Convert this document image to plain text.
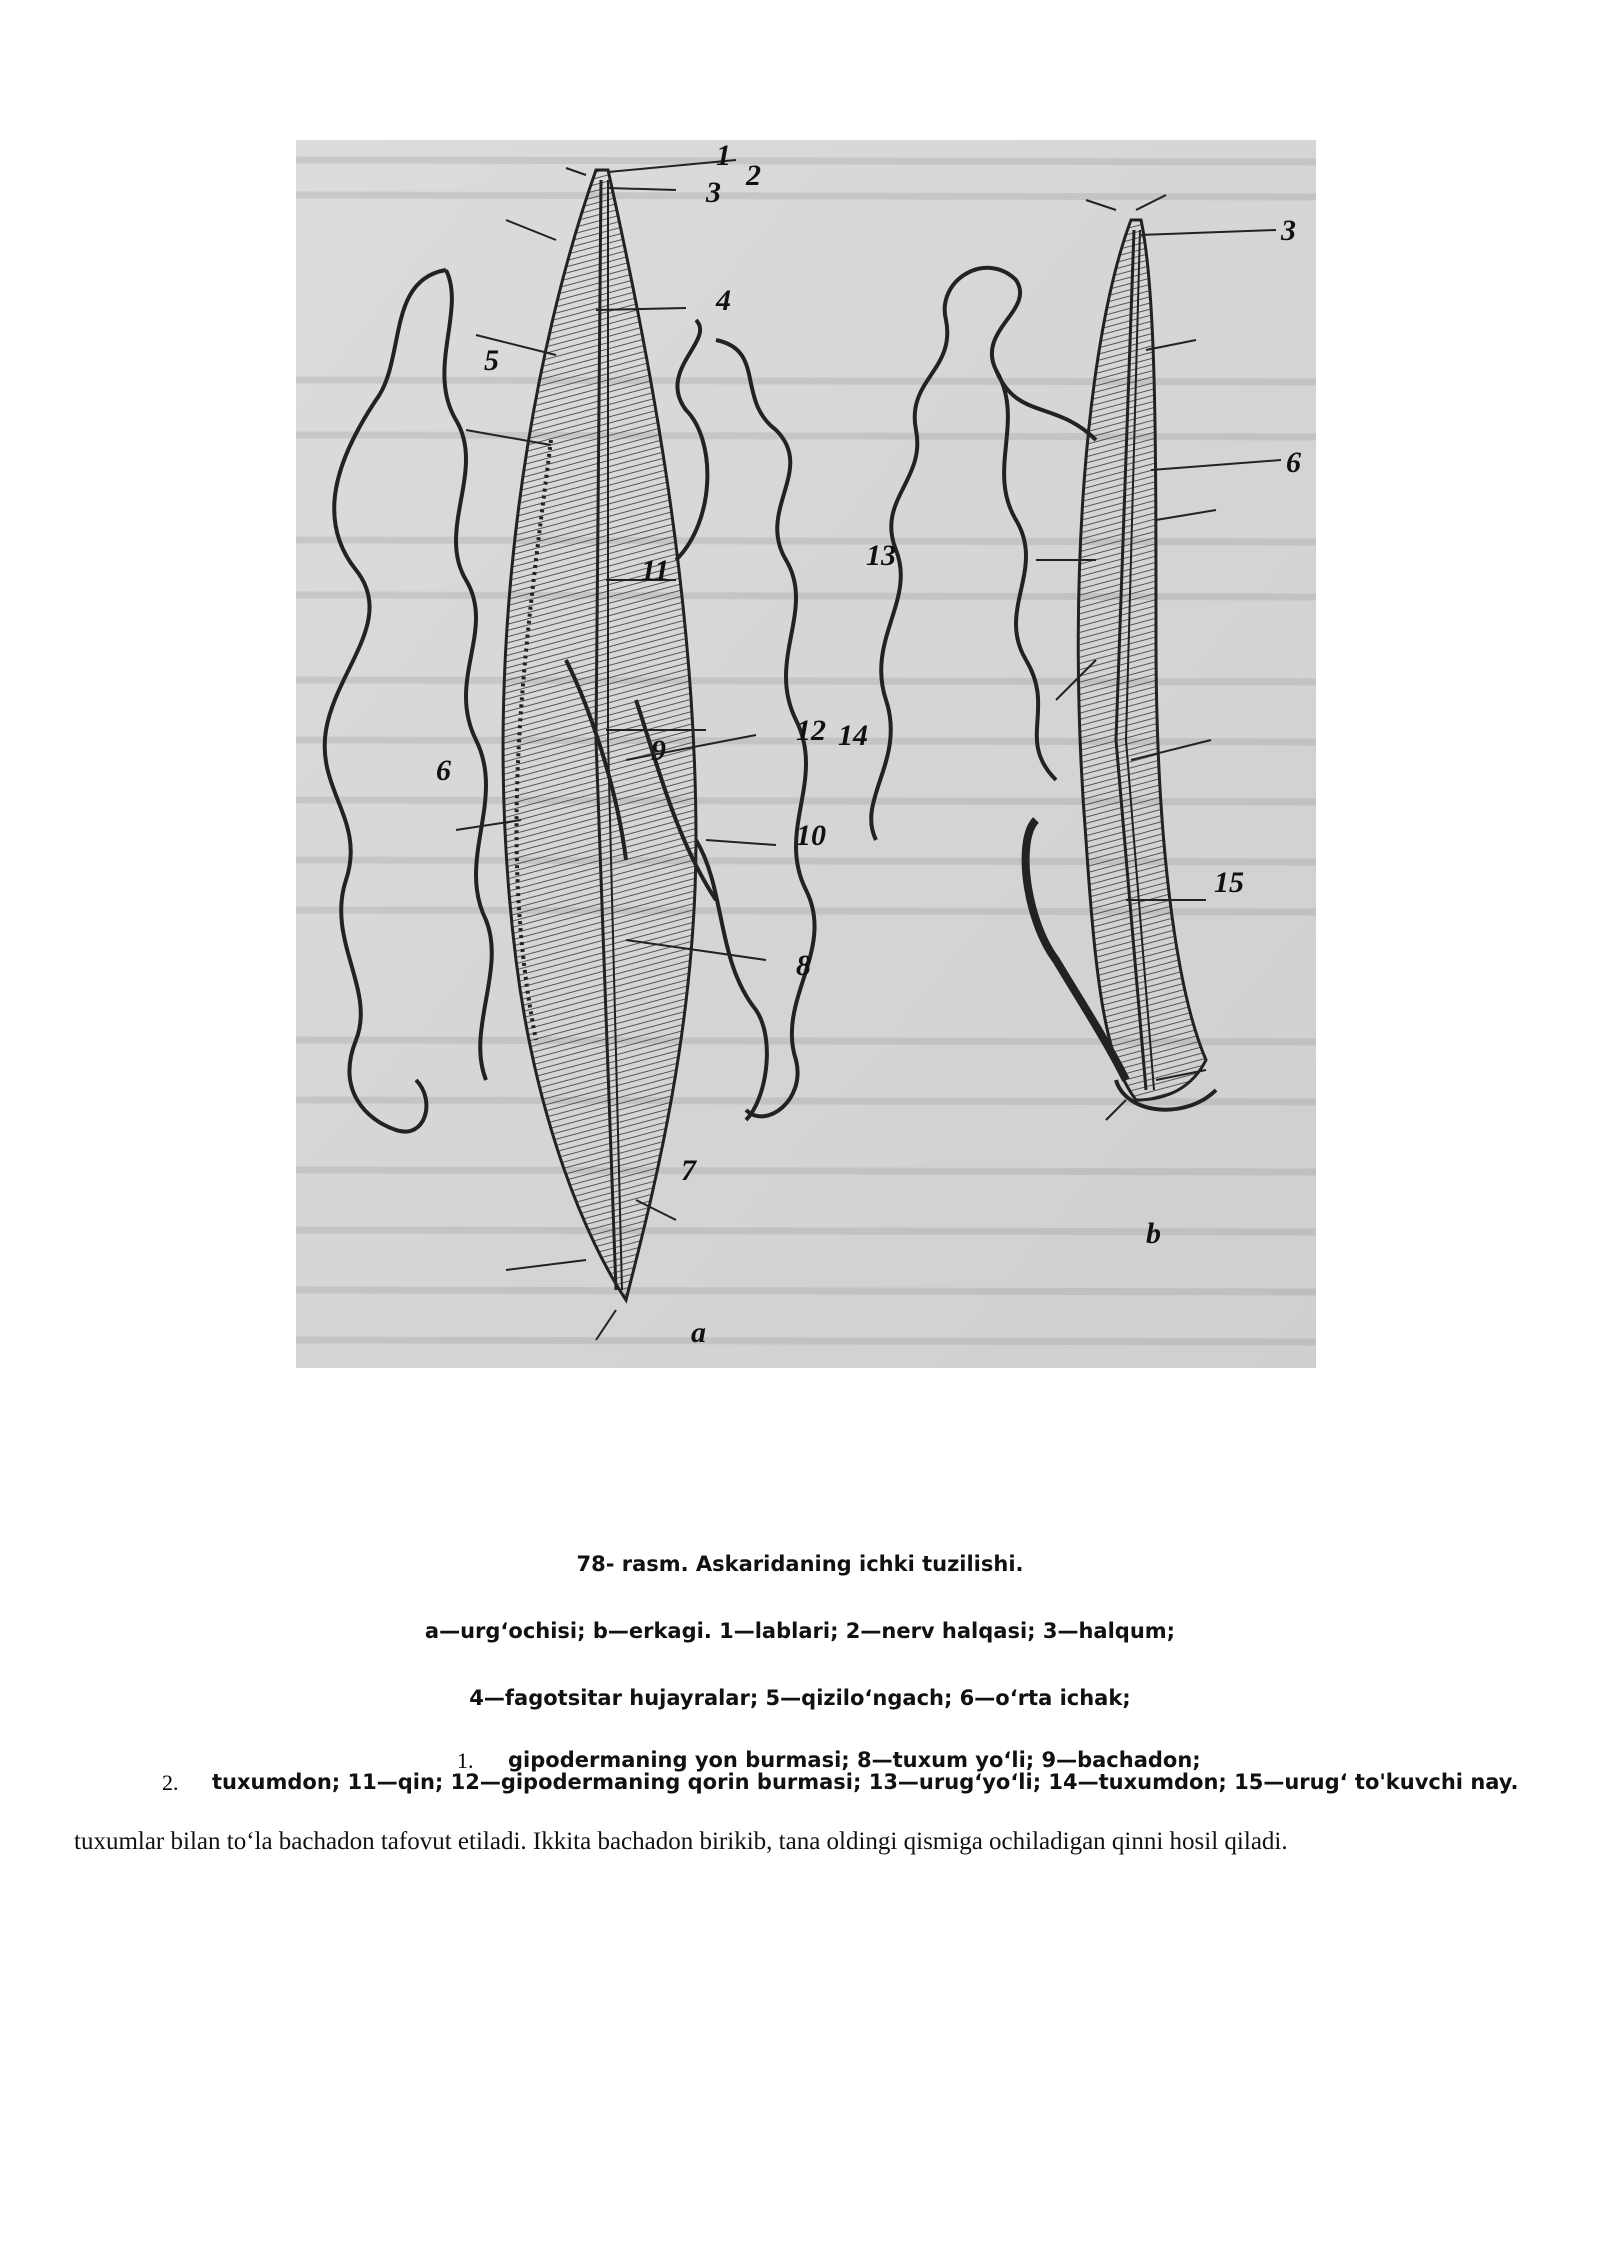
1
2
3
4
5
6
7
8
9
10
11
12
a
3
6
13
14
15
b
78- rasm. Askaridaning ichki tuzilishi.
a—urg‘ochisi; b—erkagi. 1—lablari; 2—nerv halqasi; 3—halqum;
4—fagotsitar hujayralar; 5—qizilo‘ngach; 6—o‘rta ichak;
1. gipodermaning yon burmasi; 8—tuxum yo‘li; 9—bachadon;
2. tuxumdon; 11—qin; 12—gipodermaning qorin burmasi; 13—urug‘yo‘li; 14—tuxumdon; 15—urug‘ to'kuvchi nay.
tuxumlar bilan to‘la bachadon tafovut etiladi. Ikkita bachadon birikib, tana oldingi qismiga ochiladigan qinni hosil qiladi.
